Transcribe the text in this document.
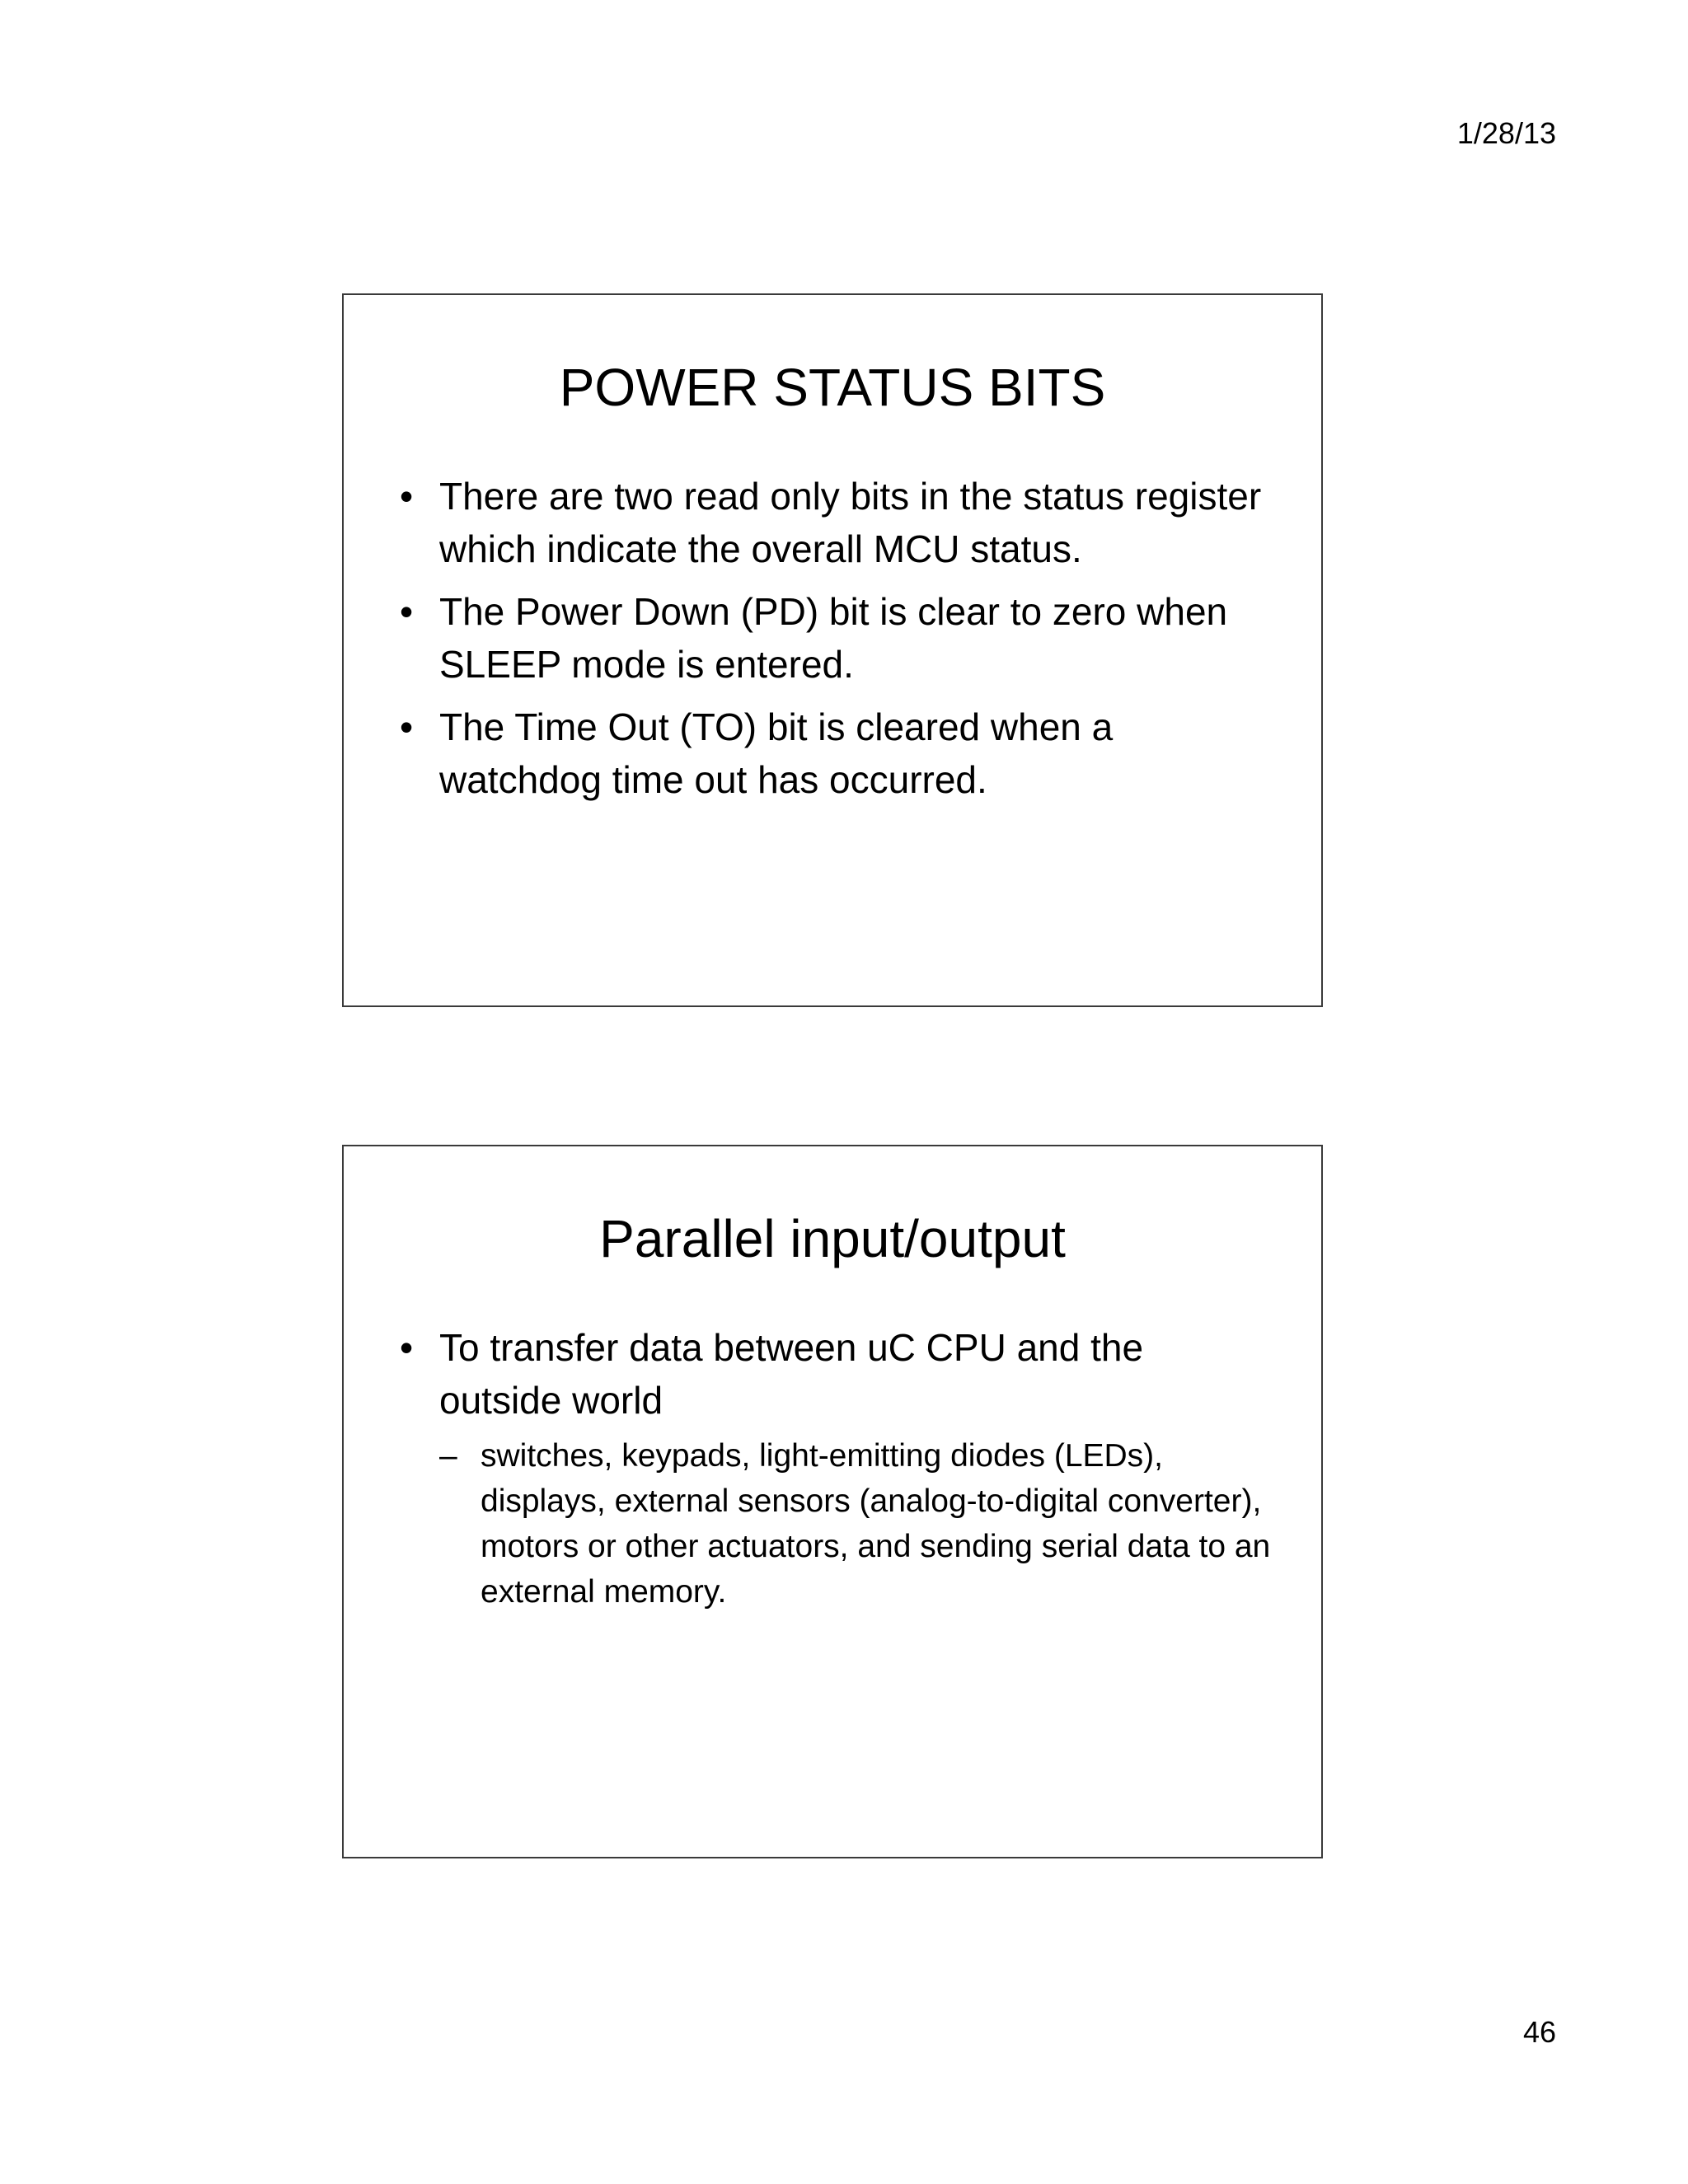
1/28/13
POWER STATUS BITS
• There are two read only bits in the status register which indicate the overall MCU status.
• The Power Down (PD) bit is clear to zero when SLEEP mode is entered.
• The Time Out (TO) bit is cleared when a watchdog time out has occurred.
Parallel input/output
• To transfer data between uC CPU and the outside world
– switches, keypads, light-emitting diodes (LEDs), displays, external sensors (analog-to-digital converter), motors or other actuators, and sending serial data to an external memory.
46
